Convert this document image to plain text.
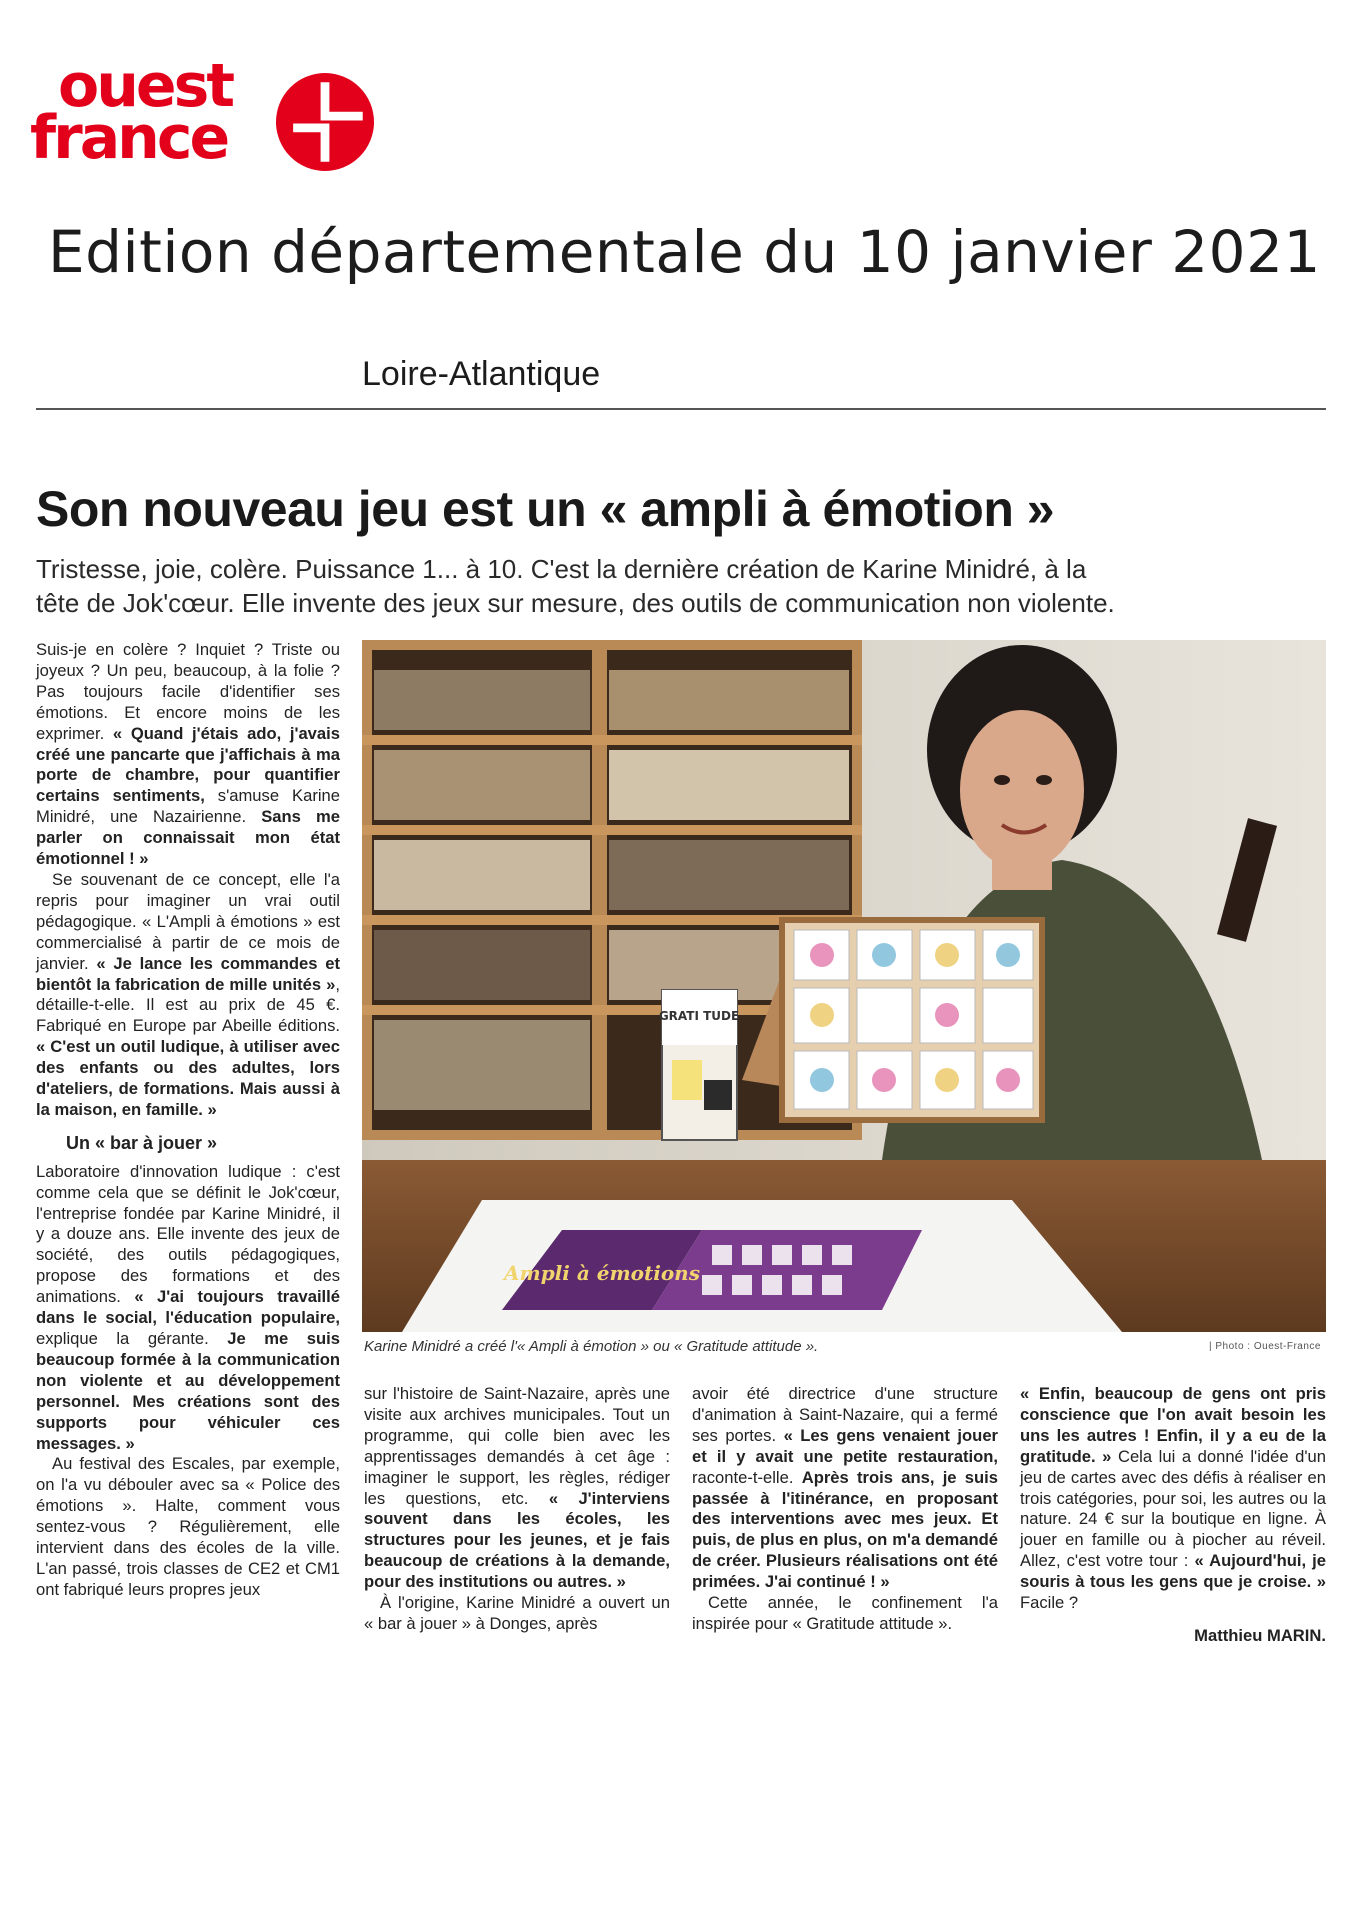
ouest
france
Edition départementale du 10 janvier 2021
Loire-Atlantique
Son nouveau jeu est un « ampli à émotion »
Tristesse, joie, colère. Puissance 1... à 10. C'est la dernière création de Karine Minidré, à la tête de Jok'cœur. Elle invente des jeux sur mesure, des outils de communication non violente.

Suis-je en colère ? Inquiet ? Triste ou joyeux ? Un peu, beaucoup, à la folie ? Pas toujours facile d'identifier ses émotions. Et encore moins de les exprimer. « Quand j'étais ado, j'avais créé une pancarte que j'affichais à ma porte de chambre, pour quantifier certains sentiments, s'amuse Karine Minidré, une Nazairienne. Sans me parler on connaissait mon état émotionnel ! »

Se souvenant de ce concept, elle l'a repris pour imaginer un vrai outil pédagogique. « L'Ampli à émotions » est commercialisé à partir de ce mois de janvier. « Je lance les commandes et bientôt la fabrication de mille unités », détaille-t-elle. Il est au prix de 45 €. Fabriqué en Europe par Abeille éditions. « C'est un outil ludique, à utiliser avec des enfants ou des adultes, lors d'ateliers, de formations. Mais aussi à la maison, en famille. »

Un « bar à jouer »

Laboratoire d'innovation ludique : c'est comme cela que se définit le Jok'cœur, l'entreprise fondée par Karine Minidré, il y a douze ans. Elle invente des jeux de société, des outils pédagogiques, propose des formations et des animations. « J'ai toujours travaillé dans le social, l'éducation populaire, explique la gérante. Je me suis beaucoup formée à la communication non violente et au développement personnel. Mes créations sont des supports pour véhiculer ces messages. »

Au festival des Escales, par exemple, on l'a vu débouler avec sa « Police des émotions ». Halte, comment vous sentez-vous ? Régulièrement, elle intervient dans des écoles de la ville. L'an passé, trois classes de CE2 et CM1 ont fabriqué leurs propres jeux

GRATI TUDE
Ampli à émotions
Karine Minidré a créé l'« Ampli à émotion » ou « Gratitude attitude ».	| Photo : Ouest-France

sur l'histoire de Saint-Nazaire, après une visite aux archives municipales. Tout un programme, qui colle bien avec les apprentissages demandés à cet âge : imaginer le support, les règles, rédiger les questions, etc. « J'interviens souvent dans les écoles, les structures pour les jeunes, et je fais beaucoup de créations à la demande, pour des institutions ou autres. »

À l'origine, Karine Minidré a ouvert un « bar à jouer » à Donges, après

avoir été directrice d'une structure d'animation à Saint-Nazaire, qui a fermé ses portes. « Les gens venaient jouer et il y avait une petite restauration, raconte-t-elle. Après trois ans, je suis passée à l'itinérance, en proposant des interventions avec mes jeux. Et puis, de plus en plus, on m'a demandé de créer. Plusieurs réalisations ont été primées. J'ai continué ! »

Cette année, le confinement l'a inspirée pour « Gratitude attitude ».

« Enfin, beaucoup de gens ont pris conscience que l'on avait besoin les uns les autres ! Enfin, il y a eu de la gratitude. » Cela lui a donné l'idée d'un jeu de cartes avec des défis à réaliser en trois catégories, pour soi, les autres ou la nature. 24 € sur la boutique en ligne. À jouer en famille ou à piocher au réveil. Allez, c'est votre tour : « Aujourd'hui, je souris à tous les gens que je croise. » Facile ?

Matthieu MARIN.
